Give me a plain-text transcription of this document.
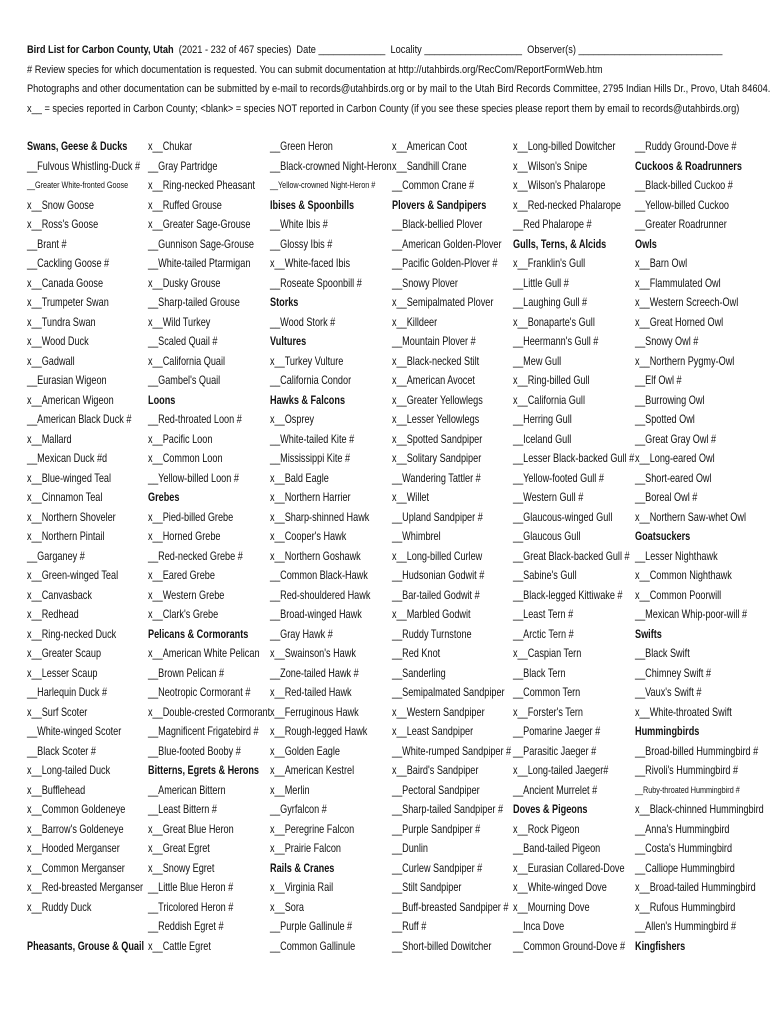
Bird List for Carbon County, Utah (2021 - 232 of 467 species) Date _____________ Locality ___________________ Observer(s) ____________________________
# Review species for which documentation is requested. You can submit documentation at http://utahbirds.org/RecCom/ReportFormWeb.htm
Photographs and other documentation can be submitted by e-mail to records@utahbirds.org or by mail to the Utah Bird Records Committee, 2795 Indian Hills Dr., Provo, Utah 84604.
x__ = species reported in Carbon County; <blank> = species NOT reported in Carbon County (if you see these species please report them by email to records@utahbirds.org)
Swans, Geese & Ducks
__Fulvous Whistling-Duck #
__Greater White-fronted Goose
x__Snow Goose
x__Ross's Goose
__Brant #
__Cackling Goose #
x__Canada Goose
x__Trumpeter Swan
x__Tundra Swan
x__Wood Duck
x__Gadwall
__Eurasian Wigeon
x__American Wigeon
__American Black Duck #
x__Mallard
__Mexican Duck #d
x__Blue-winged Teal
x__Cinnamon Teal
x__Northern Shoveler
x__Northern Pintail
__Garganey #
x__Green-winged Teal
x__Canvasback
x__Redhead
x__Ring-necked Duck
x__Greater Scaup
x__Lesser Scaup
__Harlequin Duck #
x__Surf Scoter
__White-winged Scoter
__Black Scoter #
x__Long-tailed Duck
x__Bufflehead
x__Common Goldeneye
x__Barrow's Goldeneye
x__Hooded Merganser
x__Common Merganser
x__Red-breasted Merganser
x__Ruddy Duck
Pheasants, Grouse & Quail
x__Chukar
__Gray Partridge
x__Ring-necked Pheasant
x__Ruffed Grouse
x__Greater Sage-Grouse
__Gunnison Sage-Grouse
__White-tailed Ptarmigan
x__Dusky Grouse
__Sharp-tailed Grouse
x__Wild Turkey
__Scaled Quail #
x__California Quail
__Gambel's Quail
Loons
__Red-throated Loon #
x__Pacific Loon
x__Common Loon
__Yellow-billed Loon #
Grebes
x__Pied-billed Grebe
x__Horned Grebe
__Red-necked Grebe #
x__Eared Grebe
x__Western Grebe
x__Clark's Grebe
Pelicans & Cormorants
x__American White Pelican
__Brown Pelican #
__Neotropic Cormorant #
x__Double-crested Cormorant
__Magnificent Frigatebird #
__Blue-footed Booby #
Bitterns, Egrets & Herons
__American Bittern
__Least Bittern #
x__Great Blue Heron
x__Great Egret
x__Snowy Egret
__Little Blue Heron #
__Tricolored Heron #
__Reddish Egret #
x__Cattle Egret
__Green Heron
__Black-crowned Night-Heron
__Yellow-crowned Night-Heron #
Ibises & Spoonbills
__White Ibis #
__Glossy Ibis #
x__White-faced Ibis
__Roseate Spoonbill #
Storks
__Wood Stork #
Vultures
x__Turkey Vulture
__California Condor
Hawks & Falcons
x__Osprey
__White-tailed Kite #
__Mississippi Kite #
x__Bald Eagle
x__Northern Harrier
x__Sharp-shinned Hawk
x__Cooper's Hawk
x__Northern Goshawk
__Common Black-Hawk
__Red-shouldered Hawk
__Broad-winged Hawk
__Gray Hawk #
x__Swainson's Hawk
__Zone-tailed Hawk #
x__Red-tailed Hawk
x__Ferruginous Hawk
x__Rough-legged Hawk
x__Golden Eagle
x__American Kestrel
x__Merlin
__Gyrfalcon #
x__Peregrine Falcon
x__Prairie Falcon
Rails & Cranes
x__Virginia Rail
x__Sora
__Purple Gallinule #
__Common Gallinule
x__American Coot
x__Sandhill Crane
__Common Crane #
Plovers & Sandpipers
__Black-bellied Plover
__American Golden-Plover
__Pacific Golden-Plover #
__Snowy Plover
x__Semipalmated Plover
x__Killdeer
__Mountain Plover #
x__Black-necked Stilt
x__American Avocet
x__Greater Yellowlegs
x__Lesser Yellowlegs
x__Spotted Sandpiper
x__Solitary Sandpiper
__Wandering Tattler #
x__Willet
__Upland Sandpiper #
__Whimbrel
x__Long-billed Curlew
__Hudsonian Godwit #
__Bar-tailed Godwit #
x__Marbled Godwit
__Ruddy Turnstone
__Red Knot
__Sanderling
__Semipalmated Sandpiper
x__Western Sandpiper
x__Least Sandpiper
__White-rumped Sandpiper #
x__Baird's Sandpiper
__Pectoral Sandpiper
__Sharp-tailed Sandpiper #
__Purple Sandpiper #
__Dunlin
__Curlew Sandpiper #
__Stilt Sandpiper
__Buff-breasted Sandpiper #
__Ruff #
__Short-billed Dowitcher
x__Long-billed Dowitcher
x__Wilson's Snipe
x__Wilson's Phalarope
x__Red-necked Phalarope
__Red Phalarope #
Gulls, Terns, & Alcids
x__Franklin's Gull
__Little Gull #
__Laughing Gull #
x__Bonaparte's Gull
__Heermann's Gull #
__Mew Gull
x__Ring-billed Gull
x__California Gull
__Herring Gull
__Iceland Gull
__Lesser Black-backed Gull #
__Yellow-footed Gull #
__Western Gull #
__Glaucous-winged Gull
__Glaucous Gull
__Great Black-backed Gull #
__Sabine's Gull
__Black-legged Kittiwake #
__Least Tern #
__Arctic Tern #
x__Caspian Tern
__Black Tern
__Common Tern
x__Forster's Tern
__Pomarine Jaeger #
__Parasitic Jaeger #
x__Long-tailed Jaeger#
__Ancient Murrelet #
Doves & Pigeons
x__Rock Pigeon
__Band-tailed Pigeon
x__Eurasian Collared-Dove
x__White-winged Dove
x__Mourning Dove
__Inca Dove
__Common Ground-Dove #
__Ruddy Ground-Dove #
Cuckoos & Roadrunners
__Black-billed Cuckoo #
__Yellow-billed Cuckoo
__Greater Roadrunner
Owls
x__Barn Owl
x__Flammulated Owl
x__Western Screech-Owl
x__Great Horned Owl
__Snowy Owl #
x__Northern Pygmy-Owl
__Elf Owl #
__Burrowing Owl
__Spotted Owl
__Great Gray Owl #
x__Long-eared Owl
__Short-eared Owl
__Boreal Owl #
x__Northern Saw-whet Owl
Goatsuckers
__Lesser Nighthawk
x__Common Nighthawk
x__Common Poorwill
__Mexican Whip-poor-will #
Swifts
__Black Swift
__Chimney Swift #
__Vaux's Swift #
x__White-throated Swift
Hummingbirds
__Broad-billed Hummingbird #
__Rivoli's Hummingbird #
__Ruby-throated Hummingbird #
x__Black-chinned Hummingbird
__Anna's Hummingbird
__Costa's Hummingbird
__Calliope Hummingbird
x__Broad-tailed Hummingbird
x__Rufous Hummingbird
__Allen's Hummingbird #
Kingfishers
